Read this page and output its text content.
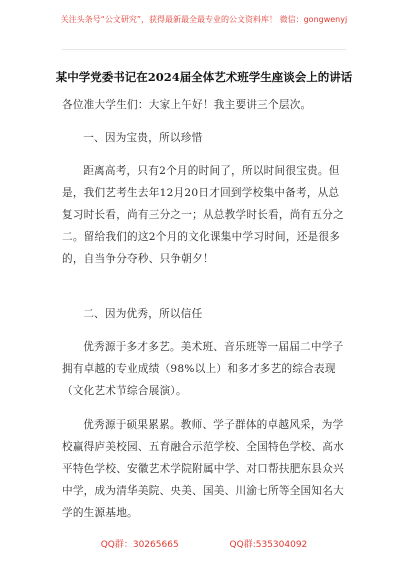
关注头条号“公文研究”，获得最新最全最专业的公文资料库！ 微信：gongwenyj
某中学党委书记在2024届全体艺术班学生座谈会上的讲话

各位准大学生们：大家上午好！我主要讲三个层次。

一、因为宝贵，所以珍惜

距离高考，只有2个月的时间了，所以时间很宝贵。但是，我们艺考生去年12月20日才回到学校集中备考，从总复习时长看，尚有三分之一；从总教学时长看，尚有五分之二。留给我们的这2个月的文化课集中学习时间，还是很多的，自当争分夺秒、只争朝夕！

二、因为优秀，所以信任

优秀源于多才多艺。美术班、音乐班等一届届二中学子拥有卓越的专业成绩（98%以上）和多才多艺的综合表现（文化艺术节综合展演）。

优秀源于硕果累累。教师、学子群体的卓越风采，为学校赢得庐美校园、五育融合示范学校、全国特色学校、高水平特色学校、安徽艺术学院附属中学、对口帮扶肥东县众兴中学，成为清华美院、央美、国美、川渝七所等全国知名大学的生源基地。

QQ群：30265665	QQ群:535304092
